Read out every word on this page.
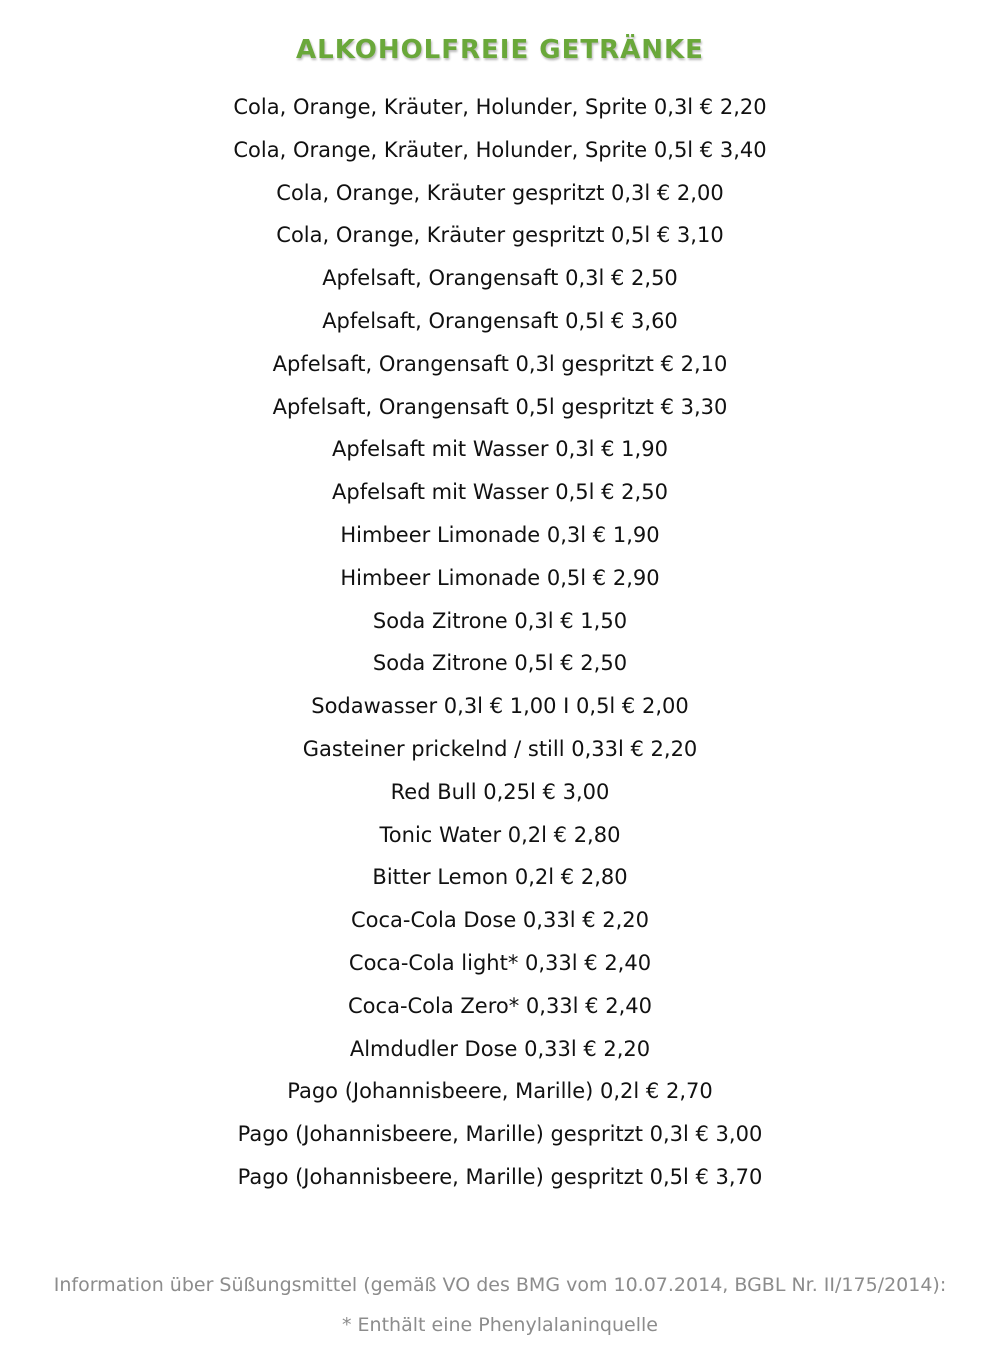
ALKOHOLFREIE GETRÄNKE
Cola, Orange, Kräuter, Holunder, Sprite 0,3l € 2,20
Cola, Orange, Kräuter, Holunder, Sprite 0,5l € 3,40
Cola, Orange, Kräuter gespritzt 0,3l € 2,00
Cola, Orange, Kräuter gespritzt 0,5l € 3,10
Apfelsaft, Orangensaft 0,3l € 2,50
Apfelsaft, Orangensaft 0,5l € 3,60
Apfelsaft, Orangensaft 0,3l gespritzt € 2,10
Apfelsaft, Orangensaft 0,5l gespritzt € 3,30
Apfelsaft mit Wasser 0,3l € 1,90
Apfelsaft mit Wasser 0,5l € 2,50
Himbeer Limonade 0,3l € 1,90
Himbeer Limonade 0,5l € 2,90
Soda Zitrone 0,3l € 1,50
Soda Zitrone 0,5l € 2,50
Sodawasser 0,3l € 1,00 I 0,5l € 2,00
Gasteiner prickelnd / still 0,33l € 2,20
Red Bull 0,25l € 3,00
Tonic Water 0,2l € 2,80
Bitter Lemon 0,2l € 2,80
Coca-Cola Dose 0,33l € 2,20
Coca-Cola light* 0,33l € 2,40
Coca-Cola Zero* 0,33l € 2,40
Almdudler Dose 0,33l € 2,20
Pago (Johannisbeere, Marille) 0,2l € 2,70
Pago (Johannisbeere, Marille) gespritzt 0,3l € 3,00
Pago (Johannisbeere, Marille) gespritzt 0,5l € 3,70
Information über Süßungsmittel (gemäß VO des BMG vom 10.07.2014, BGBL Nr. II/175/2014):
* Enthält eine Phenylalaninquelle
